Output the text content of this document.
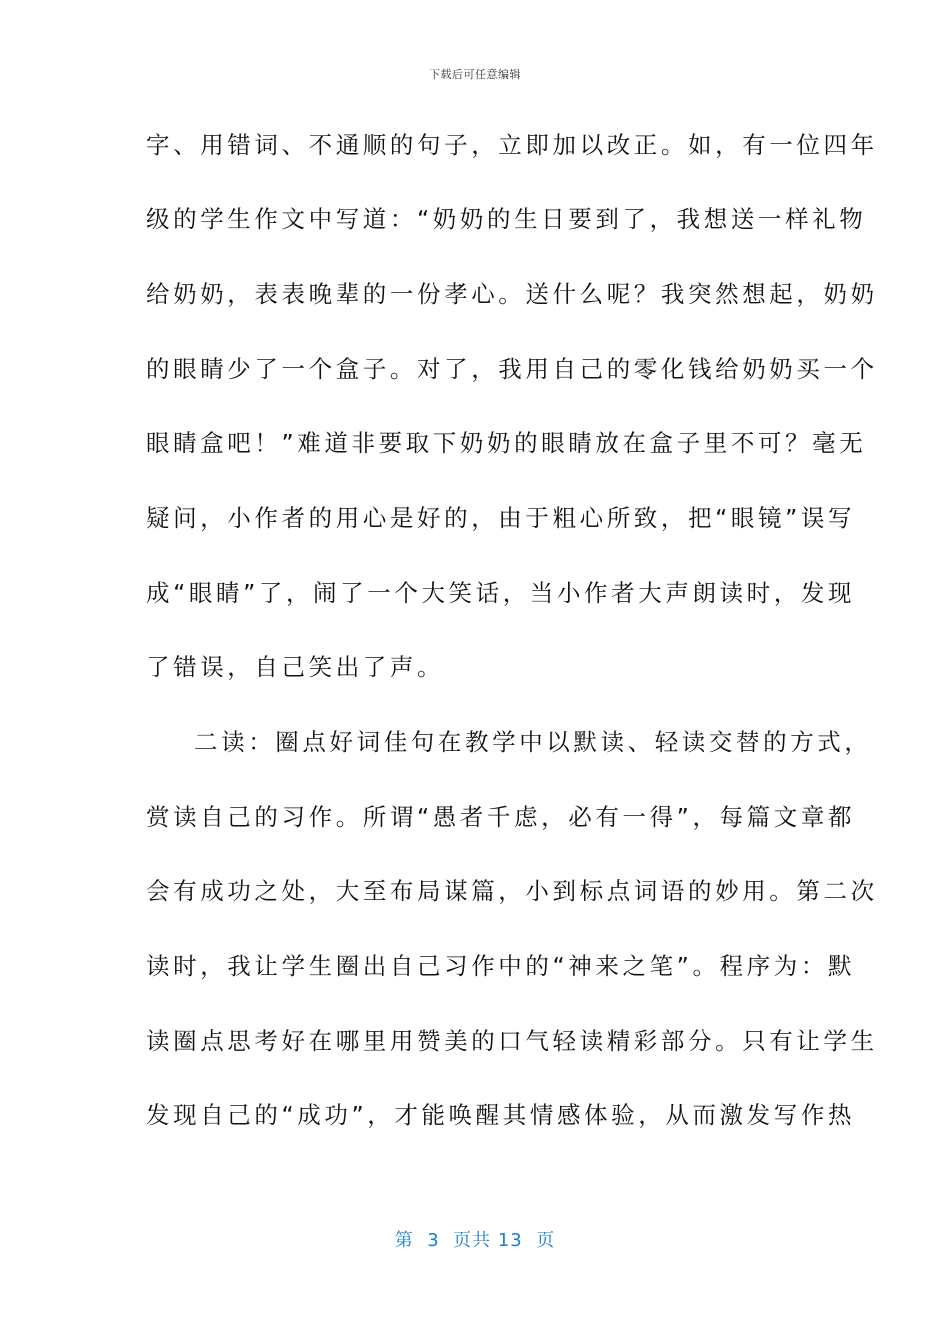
下载后可任意编辑
字、用错词、不通顺的句子，立即加以改正。如，有一位四年
级的学生作文中写道：“奶奶的生日要到了，我想送一样礼物
给奶奶，表表晚辈的一份孝心。送什么呢？我突然想起，奶奶
的眼睛少了一个盒子。对了，我用自己的零化钱给奶奶买一个
眼睛盒吧！”难道非要取下奶奶的眼睛放在盒子里不可？毫无
疑问，小作者的用心是好的，由于粗心所致，把“眼镜”误写
成“眼睛”了，闹了一个大笑话，当小作者大声朗读时，发现
了错误，自己笑出了声。
二读：圈点好词佳句在教学中以默读、轻读交替的方式，
赏读自己的习作。所谓“愚者千虑，必有一得”，每篇文章都
会有成功之处，大至布局谋篇，小到标点词语的妙用。第二次
读时，我让学生圈出自己习作中的“神来之笔”。程序为：默
读圈点思考好在哪里用赞美的口气轻读精彩部分。只有让学生
发现自己的“成功”，才能唤醒其情感体验，从而激发写作热
第  3  页共 13  页
